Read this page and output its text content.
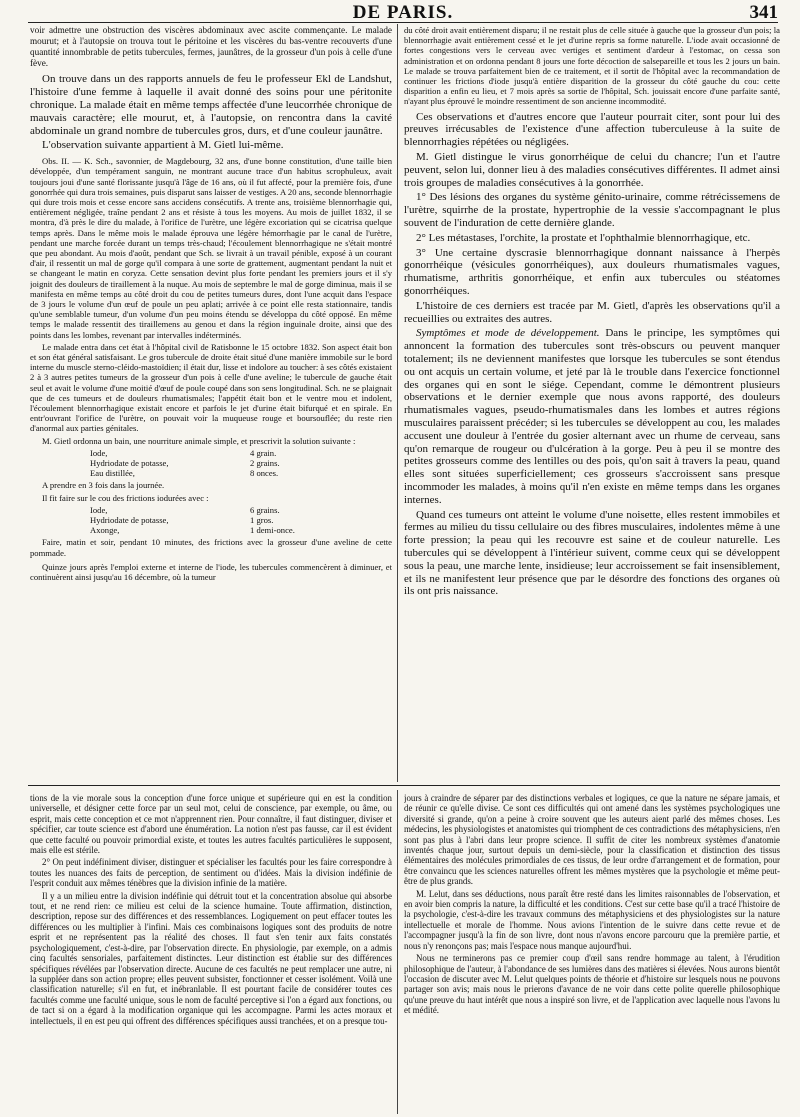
DE PARIS.	341

voir admettre une obstruction des viscères abdominaux avec ascite commençante. Le malade mourut; et à l'autopsie on trouva tout le péritoine et les viscères du bas-ventre recouverts d'une quantité innombrable de petits tubercules, fermes, jaunâtres, de la grosseur d'un pois à celle d'une fève.

On trouve dans un des rapports annuels de feu le professeur Ekl de Landshut, l'histoire d'une femme à laquelle il avait donné des soins pour une péritonite chronique. La malade était en même temps affectée d'une leucorrhée chronique de mauvais caractère; elle mourut, et, à l'autopsie, on rencontra dans la cavité abdominale un grand nombre de tubercules gros, durs, et d'une couleur jaunâtre.

L'observation suivante appartient à M. Gietl lui-même.

Obs. II. — K. Sch., savonnier, de Magdebourg, 32 ans, d'une bonne constitution, d'une taille bien développée, d'un tempérament sanguin, ne montrant aucune trace d'un habitus scrophuleux, avait toujours joui d'une santé florissante jusqu'à l'âge de 16 ans, où il fut affecté, pour la première fois, d'une gonorrhée qui dura trois semaines, puis disparut sans laisser de vestiges. A 20 ans, seconde blennorrhagie qui dure trois mois et cesse encore sans accidens consécutifs. A trente ans, troisième blennorrhagie qui, entièrement négligée, traîne pendant 2 ans et résiste à tous les moyens. Au mois de juillet 1832, il se montra, d'à près le dire du malade, à l'orifice de l'urètre, une légère excoriation qui se cicatrisa quelque temps après. Dans le même mois le malade éprouva une légère hémorrhagie par le canal de l'urètre, pendant une marche forcée durant un temps très-chaud; l'écoulement blennorrhagique ne s'était montré que peu abondant. Au mois d'août, pendant que Sch. se livrait à un travail pénible, exposé à un courant d'air, il ressentit un mal de gorge qu'il compara à une sorte de grattement, augmentant pendant la nuit et se changeant le matin en coryza. Cette sensation devint plus forte pendant les premiers jours et il s'y joignit des douleurs de tiraillement à la nuque. Au mois de septembre le mal de gorge diminua, mais il se manifesta en même temps au côté droit du cou de petites tumeurs dures, dont l'une acquit dans l'espace de 3 jours le volume d'un œuf de poule un peu aplati; arrivée à ce point elle resta stationnaire, tandis qu'une semblable tumeur, d'un volume d'un peu moins étendu se développa du côté opposé. En même temps le malade ressentit des tiraillemens au genou et dans la région inguinale droite, ainsi que des points dans les lombes, revenant par intervalles indéterminés.

Le malade entra dans cet état à l'hôpital civil de Ratisbonne le 15 octobre 1832. Son aspect était bon et son état général satisfaisant. Le gros tubercule de droite était situé d'une manière immobile sur le bord interne du muscle sterno-cléido-mastoïdien; il était dur, lisse et indolore au toucher: à ses côtés existaient 2 à 3 autres petites tumeurs de la grosseur d'un pois à celle d'une aveline; le tubercule de gauche était seul et avait le volume d'une moitié d'œuf de poule coupé dans son sens longitudinal. Sch. ne se plaignait que de ces tumeurs et de douleurs rhumatismales; l'appétit était bon et le ventre mou et indolent, l'écoulement blennorrhagique existait encore et parfois le jet d'urine était bifurqué et en spirale. En entr'ouvrant l'orifice de l'urètre, on pouvait voir la muqueuse rouge et boursouflée; du reste rien d'anormal aux parties génitales.

M. Gietl ordonna un bain, une nourriture animale simple, et prescrivit la solution suivante :

Iode,	4 grain.
Hydriodate de potasse,	2 grains.
Eau distillée,	8 onces.

A prendre en 3 fois dans la journée.

Il fit faire sur le cou des frictions iodurées avec :

Iode,	6 grains.
Hydriodate de potasse,	1 gros.
Axonge,	1 demi-once.

Faire, matin et soir, pendant 10 minutes, des frictions avec la grosseur d'une aveline de cette pommade.

Quinze jours après l'emploi externe et interne de l'iode, les tubercules commencèrent à diminuer, et continuèrent ainsi jusqu'au 16 décembre, où la tumeur

du côté droit avait entièrement disparu; il ne restait plus de celle située à gauche que la grosseur d'un pois; la blennorrhagie avait entièrement cessé et le jet d'urine repris sa forme naturelle. L'iode avait occasionné de fortes congestions vers le cerveau avec vertiges et sentiment d'ardeur à l'estomac, on cessa son administration et on ordonna pendant 8 jours une forte décoction de salsepareille et tous les 2 jours un bain. Le malade se trouva parfaitement bien de ce traitement, et il sortit de l'hôpital avec la recommandation de continuer les frictions d'iode jusqu'à entière disparition de la grosseur du côté gauche du cou: cette disparition a enfin eu lieu, et 7 mois après sa sortie de l'hôpital, Sch. jouissait encore d'une parfaite santé, n'ayant plus éprouvé le moindre ressentiment de son ancienne incommodité.

Ces observations et d'autres encore que l'auteur pourrait citer, sont pour lui des preuves irrécusables de l'existence d'une affection tuberculeuse à la suite de blennorrhagies répétées ou négligées.

M. Gietl distingue le virus gonorrhéique de celui du chancre; l'un et l'autre peuvent, selon lui, donner lieu à des maladies consécutives différentes. Il admet ainsi trois groupes de maladies consécutives à la gonorrhée.

1° Des lésions des organes du système génito-urinaire, comme rétrécissemens de l'urètre, squirrhe de la prostate, hypertrophie de la vessie s'accompagnant le plus souvent de l'induration de cette dernière glande.

2° Les métastases, l'orchite, la prostate et l'ophthalmie blennorrhagique, etc.

3° Une certaine dyscrasie blennorrhagique donnant naissance à l'herpès gonorrhéique (vésicules gonorrhéiques), aux douleurs rhumatismales vagues, rhumatisme, arthritis gonorrhéique, et enfin aux tubercules ou stéatomes gonorrhéiques.

L'histoire de ces derniers est tracée par M. Gietl, d'après les observations qu'il a recueillies ou extraites des autres.

Symptômes et mode de développement. Dans le principe, les symptômes qui annoncent la formation des tubercules sont très-obscurs ou peuvent manquer totalement; ils ne deviennent manifestes que lorsque les tubercules se sont étendus ou ont acquis un certain volume, et jeté par là le trouble dans l'exercice fonctionnel des organes qui en sont le siége. Cependant, comme le démontrent plusieurs observations et le dernier exemple que nous avons rapporté, des douleurs rhumatismales vagues, pseudo-rhumatismales dans les lombes et autres régions musculaires paraissent précéder; si les tubercules se développent au cou, les malades accusent une douleur à l'entrée du gosier alternant avec un rhume de cerveau, sans qu'on remarque de rougeur ou d'ulcération à la gorge. Peu à peu il se montre des petites grosseurs comme des lentilles ou des pois, qu'on sait à travers la peau, quand elles sont situées superficiellement; ces grosseurs s'accroissent sans presque incommoder les malades, à moins qu'il n'en existe en même temps dans les organes internes.

Quand ces tumeurs ont atteint le volume d'une noisette, elles restent immobiles et fermes au milieu du tissu cellulaire ou des fibres musculaires, indolentes même à une forte pression; la peau qui les recouvre est saine et de couleur naturelle. Les tubercules qui se développent à l'intérieur suivent, comme ceux qui se développent sous la peau, une marche lente, insidieuse; leur accroissement se fait insensiblement, et ils ne manifestent leur présence que par le désordre des fonctions des organes où ils ont pris naissance.

tions de la vie morale sous la conception d'une force unique et supérieure qui en est la condition universelle, et désigner cette force par un seul mot, celui de conscience, par exemple, ou âme, ou esprit, mais cette conception et ce mot n'apprennent rien. Pour connaître, il faut distinguer, diviser et spécifier, car toute science est d'abord une énumération. La notion n'est pas fausse, car il est évident que cette faculté ou pouvoir primordial existe, et toutes les autres facultés particulières le supposent, mais elle est stérile.

2° On peut indéfiniment diviser, distinguer et spécialiser les facultés pour les faire correspondre à toutes les nuances des faits de perception, de sentiment ou d'idées. Mais la division indéfinie de l'esprit conduit aux mêmes ténèbres que la division infinie de la matière.

Il y a un milieu entre la division indéfinie qui détruit tout et la concentration absolue qui absorbe tout, et ne rend rien: ce milieu est celui de la science humaine. Toute affirmation, distinction, description, repose sur des différences et des ressemblances. Logiquement on peut effacer toutes les différences ou les multiplier à l'infini. Mais ces combinaisons logiques sont des produits de notre esprit et ne représentent pas la réalité des choses. Il faut s'en tenir aux faits constatés psychologiquement, c'est-à-dire, par l'observation directe. En physiologie, par exemple, on a admis cinq facultés sensoriales, parfaitement distinctes. Leur distinction est établie sur des différences spécifiques révélées par l'observation directe. Aucune de ces facultés ne peut remplacer une autre, ni la suppléer dans son action propre; elles peuvent subsister, fonctionner et cesser isolément. Voilà une classification naturelle; s'il en fut, et inébranlable. Il est pourtant facile de considérer toutes ces facultés comme une faculté unique, sous le nom de faculté perceptive si l'on a égard aux fonctions, ou de tact si on a égard à la modification organique qui les accompagne. Parmi les actes moraux et intellectuels, il en est peu qui offrent des différences spécifiques aussi tranchées, et on a presque tou-

jours à craindre de séparer par des distinctions verbales et logiques, ce que la nature ne sépare jamais, et de réunir ce qu'elle divise. Ce sont ces difficultés qui ont amené dans les systèmes psychologiques une diversité si grande, qu'on a peine à croire souvent que les auteurs aient parlé des mêmes choses. Les médecins, les physiologistes et anatomistes qui triomphent de ces contradictions des métaphysiciens, n'en sont pas plus à l'abri dans leur propre science. Il suffit de citer les nombreux systèmes d'anatomie inventés chaque jour, surtout depuis un demi-siècle, pour la classification et distinction des tissus élémentaires des molécules primordiales de ces tissus, de leur ordre d'arrangement et de formation, pour être convaincu que les sciences naturelles offrent les mêmes mystères que la psychologie et même peut-être de plus grands.

M. Lelut, dans ses déductions, nous paraît être resté dans les limites raisonnables de l'observation, et en avoir bien compris la nature, la difficulté et les conditions. C'est sur cette base qu'il a tracé l'histoire de la psychologie, c'est-à-dire les travaux communs des métaphysiciens et des physiologistes sur la nature intellectuelle et morale de l'homme. Nous avions l'intention de le suivre dans cette revue et de l'accompagner jusqu'à la fin de son livre, dont nous n'avons encore parcouru que la première partie, et nous n'y renonçons pas; mais l'espace nous manque aujourd'hui.

Nous ne terminerons pas ce premier coup d'œil sans rendre hommage au talent, à l'érudition philosophique de l'auteur, à l'abondance de ses lumières dans des matières si élevées. Nous aurons bientôt l'occasion de discuter avec M. Lelut quelques points de théorie et d'histoire sur lesquels nous ne pouvons partager son avis; mais nous le prierons d'avance de ne voir dans cette polite querelle philosophique qu'une preuve du haut intérêt que nous a inspiré son livre, et de l'application avec laquelle nous l'avons lu et médité.
